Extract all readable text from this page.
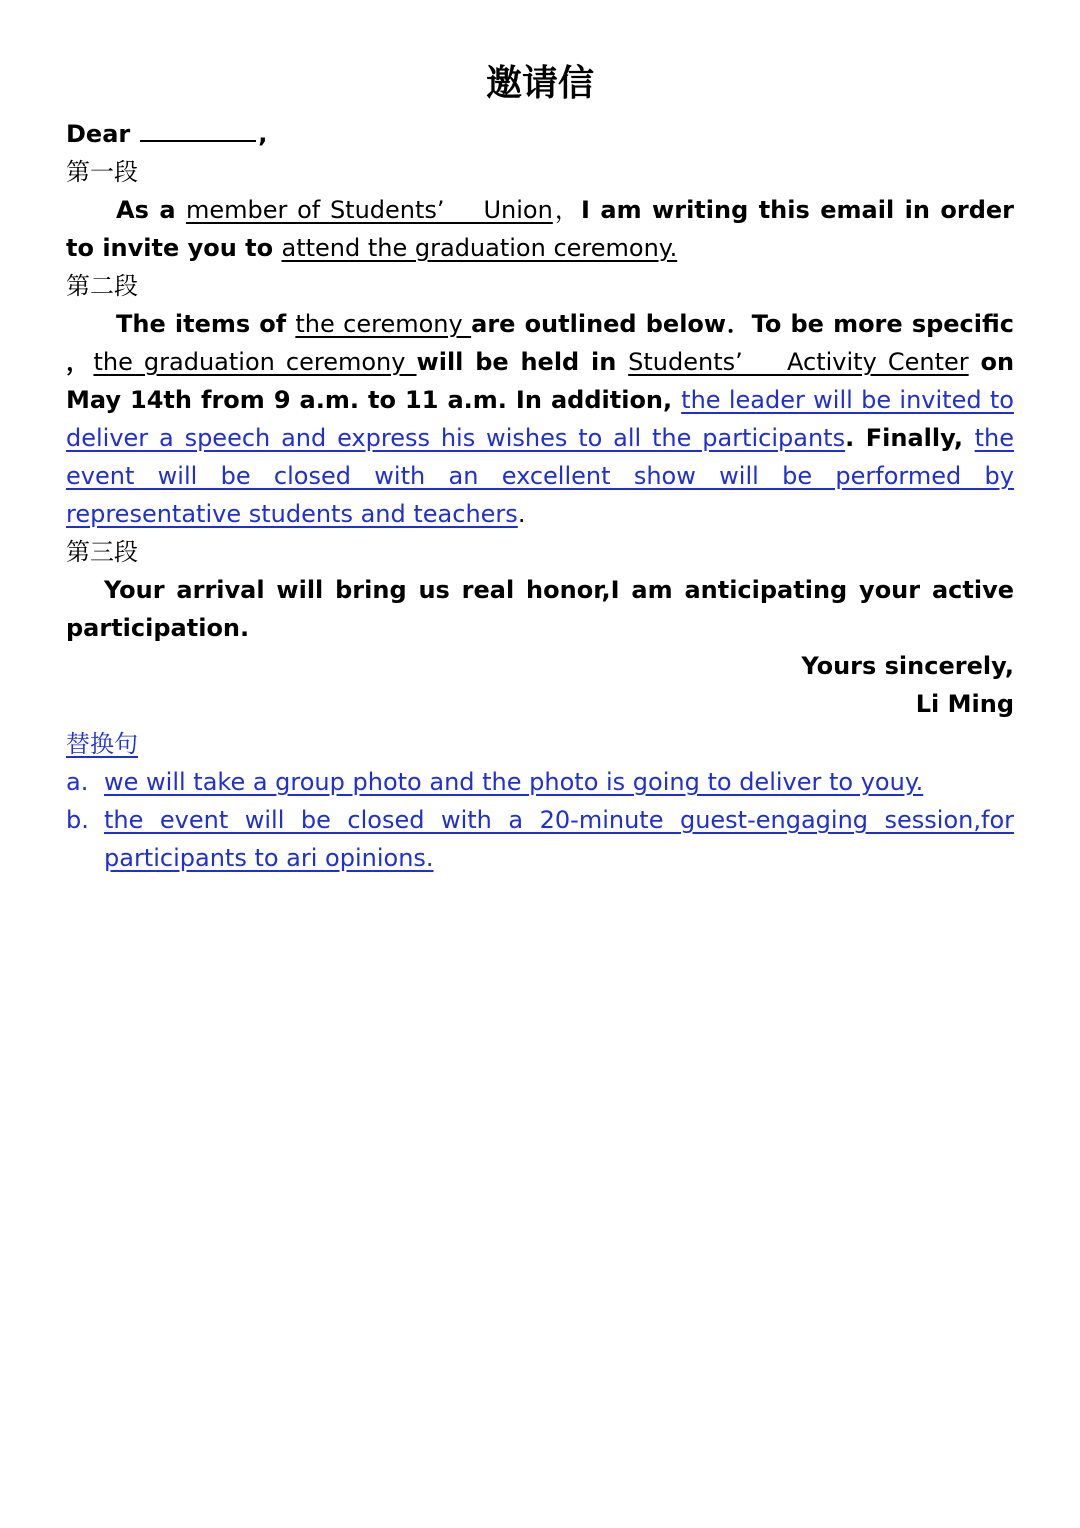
邀请信

Dear	,

第一段

As a member of Students’    Union，I am writing this email in order to invite you to attend the graduation ceremony.

第二段

The items of the ceremony are outlined below．To be more specific ，the graduation ceremony will be held in Students’    Activity Center on May 14th from 9 a.m. to 11 a.m. In addition, the leader will be invited to deliver a speech and express his wishes to all the participants. Finally, the event will be closed with an excellent show will be performed by representative students and teachers.

第三段

Your arrival will bring us real honor,I am anticipating your active participation.

Yours sincerely,

Li Ming

替换句

a. we will take a group photo and the photo is going to deliver to youy.
b. the event will be closed with a 20-minute guest-engaging session,for participants to ari opinions.
